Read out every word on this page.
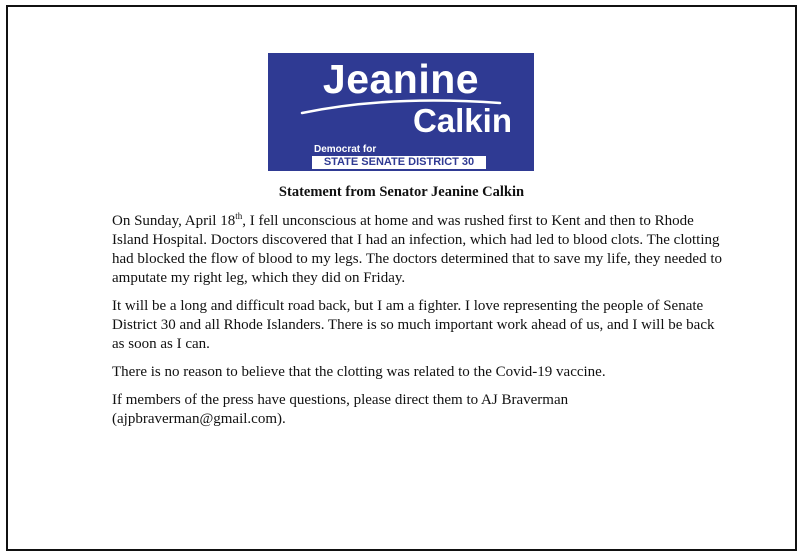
Jeanine
Calkin
Democrat for
STATE SENATE DISTRICT 30
Statement from Senator Jeanine Calkin

On Sunday, April 18th, I fell unconscious at home and was rushed first to Kent and then to Rhode Island Hospital. Doctors discovered that I had an infection, which had led to blood clots. The clotting had blocked the flow of blood to my legs. The doctors determined that to save my life, they needed to amputate my right leg, which they did on Friday.

It will be a long and difficult road back, but I am a fighter. I love representing the people of Senate District 30 and all Rhode Islanders. There is so much important work ahead of us, and I will be back as soon as I can.

There is no reason to believe that the clotting was related to the Covid-19 vaccine.

If members of the press have questions, please direct them to AJ Braverman (ajpbraverman@gmail.com).
